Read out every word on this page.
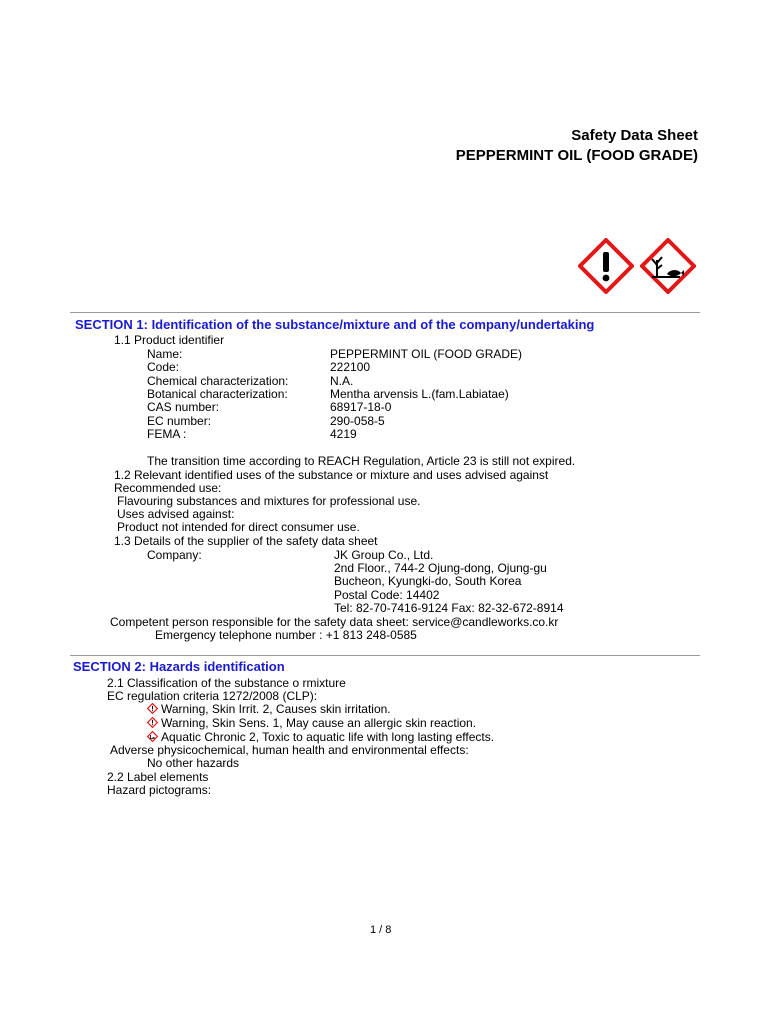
Safety Data Sheet
PEPPERMINT OIL (FOOD GRADE)
SECTION 1: Identification of the substance/mixture and of the company/undertaking
1.1 Product identifier
Name:	PEPPERMINT OIL (FOOD GRADE)
Code:	222100
Chemical characterization:	N.A.
Botanical characterization:	Mentha arvensis L.(fam.Labiatae)
CAS number:	68917-18-0
EC number:	290-058-5
FEMA :	4219
The transition time according to REACH Regulation, Article 23 is still not expired.
1.2 Relevant identified uses of the substance or mixture and uses advised against
Recommended use:
Flavouring substances and mixtures for professional use.
Uses advised against:
Product not intended for direct consumer use.
1.3 Details of the supplier of the safety data sheet
Company:	JK Group Co., Ltd.
2nd Floor., 744-2 Ojung-dong, Ojung-gu
Bucheon, Kyungki-do, South Korea
Postal Code: 14402
Tel: 82-70-7416-9124 Fax: 82-32-672-8914
Competent person responsible for the safety data sheet: service@candleworks.co.kr
Emergency telephone number : +1 813 248-0585
SECTION 2: Hazards identification
2.1 Classification of the substance o rmixture
EC regulation criteria 1272/2008 (CLP):
Warning, Skin Irrit. 2, Causes skin irritation.
Warning, Skin Sens. 1, May cause an allergic skin reaction.
Aquatic Chronic 2, Toxic to aquatic life with long lasting effects.
Adverse physicochemical, human health and environmental effects:
No other hazards
2.2 Label elements
Hazard pictograms:
1 / 8
